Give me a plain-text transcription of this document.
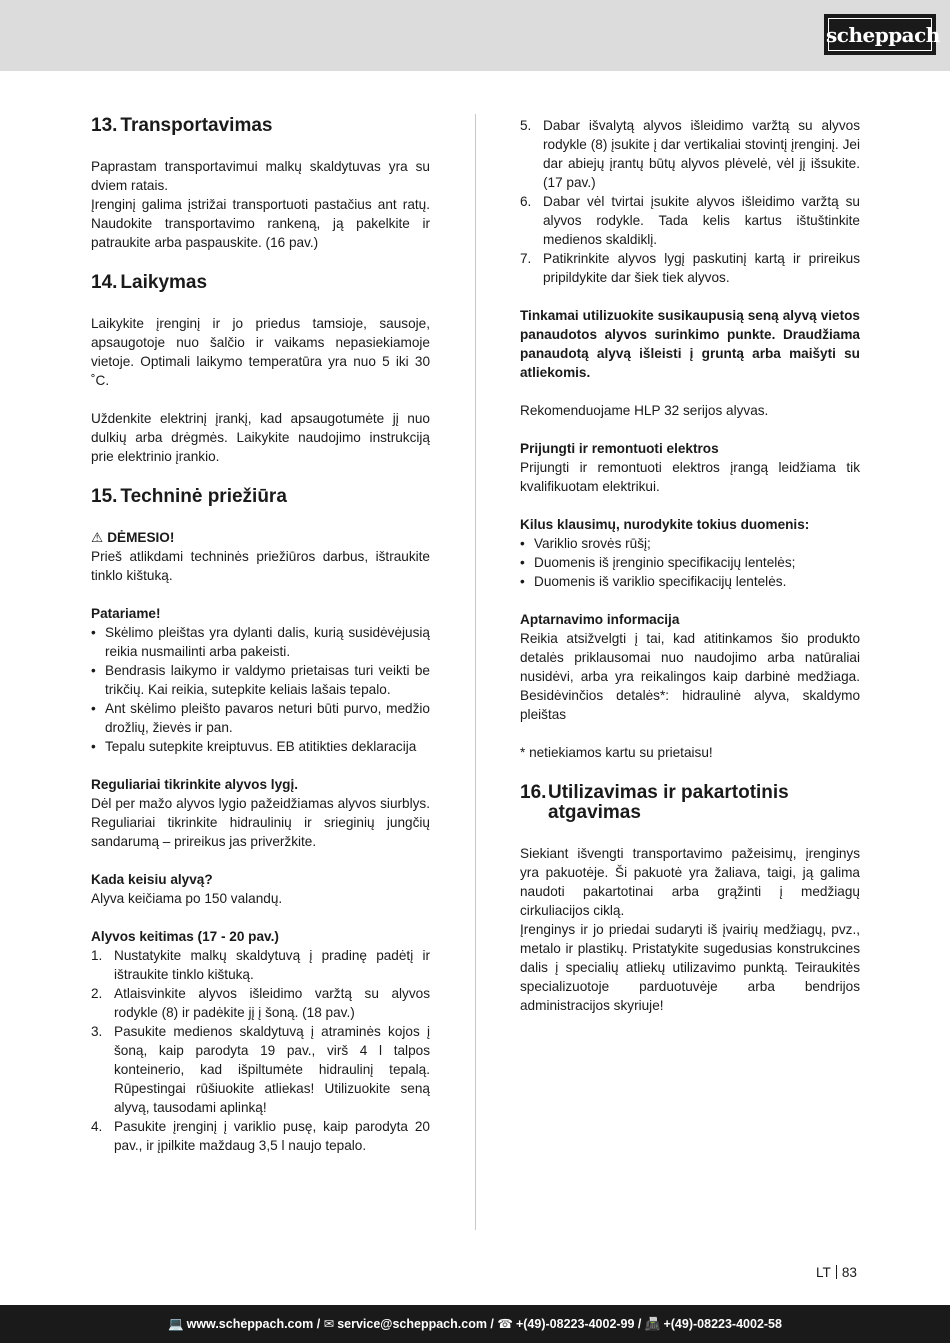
scheppach
13. Transportavimas

Paprastam transportavimui malkų skaldytuvas yra su dviem ratais.

Įrenginį galima įstrižai transportuoti pastačius ant ratų. Naudokite transportavimo rankeną, ją pakelkite ir patraukite arba paspauskite. (16 pav.)

14. Laikymas

Laikykite įrenginį ir jo priedus tamsioje, sausoje, apsaugotoje nuo šalčio ir vaikams nepasiekiamoje vietoje. Optimali laikymo temperatūra yra nuo 5 iki 30 ˚C.

Uždenkite elektrinį įrankį, kad apsaugotumėte jį nuo dulkių arba drėgmės. Laikykite naudojimo instrukciją prie elektrinio įrankio.

15. Techninė priežiūra

⚠ DĖMESIO!

Prieš atlikdami techninės priežiūros darbus, ištraukite tinklo kištuką.

Patariame!

• Skėlimo pleištas yra dylanti dalis, kurią susidėvėjusią reikia nusmailinti arba pakeisti.
• Bendrasis laikymo ir valdymo prietaisas turi veikti be trikčių. Kai reikia, sutepkite keliais lašais tepalo.
• Ant skėlimo pleišto pavaros neturi būti purvo, medžio drožlių, žievės ir pan.
• Tepalu sutepkite kreiptuvus. EB atitikties deklaracija

Reguliariai tikrinkite alyvos lygį.

Dėl per mažo alyvos lygio pažeidžiamas alyvos siurblys. Reguliariai tikrinkite hidraulinių ir srieginių jungčių sandarumą – prireikus jas priveržkite.

Kada keisiu alyvą?

Alyva keičiama po 150 valandų.

Alyvos keitimas (17 - 20 pav.)

1. Nustatykite malkų skaldytuvą į pradinę padėtį ir ištraukite tinklo kištuką.
2. Atlaisvinkite alyvos išleidimo varžtą su alyvos rodykle (8) ir padėkite jį į šoną. (18 pav.)
3. Pasukite medienos skaldytuvą į atraminės kojos į šoną, kaip parodyta 19 pav., virš 4 l talpos konteinerio, kad išpiltumėte hidraulinį tepalą. Rūpestingai rūšiuokite atliekas! Utilizuokite seną alyvą, tausodami aplinką!
4. Pasukite įrenginį į variklio pusę, kaip parodyta 20 pav., ir įpilkite maždaug 3,5 l naujo tepalo.
5. Dabar išvalytą alyvos išleidimo varžtą su alyvos rodykle (8) įsukite į dar vertikaliai stovintį įrenginį. Jei dar abiejų įrantų būtų alyvos plėvelė, vėl jį išsukite. (17 pav.)
6. Dabar vėl tvirtai įsukite alyvos išleidimo varžtą su alyvos rodykle. Tada kelis kartus ištuštinkite medienos skaldiklį.
7. Patikrinkite alyvos lygį paskutinį kartą ir prireikus pripildykite dar šiek tiek alyvos.

Tinkamai utilizuokite susikaupusią seną alyvą vietos panaudotos alyvos surinkimo punkte. Draudžiama panaudotą alyvą išleisti į gruntą arba maišyti su atliekomis.

Rekomenduojame HLP 32 serijos alyvas.

Prijungti ir remontuoti elektros

Prijungti ir remontuoti elektros įrangą leidžiama tik kvalifikuotam elektrikui.

Kilus klausimų, nurodykite tokius duomenis:

• Variklio srovės rūšį;
• Duomenis iš įrenginio specifikacijų lentelės;
• Duomenis iš variklio specifikacijų lentelės.

Aptarnavimo informacija

Reikia atsižvelgti į tai, kad atitinkamos šio produkto detalės priklausomai nuo naudojimo arba natūraliai nusidėvi, arba yra reikalingos kaip darbinė medžiaga. Besidėvinčios detalės*: hidraulinė alyva, skaldymo pleištas

* netiekiamos kartu su prietaisu!

16. Utilizavimas ir pakartotinis atgavimas

Siekiant išvengti transportavimo pažeisimų, įrenginys yra pakuotėje. Ši pakuotė yra žaliava, taigi, ją galima naudoti pakartotinai arba grąžinti į medžiagų cirkuliacijos ciklą.

Įrenginys ir jo priedai sudaryti iš įvairių medžiagų, pvz., metalo ir plastikų. Pristatykite sugedusias konstrukcines dalis į specialių atliekų utilizavimo punktą. Teiraukitės specializuotoje parduotuvėje arba bendrijos administracijos skyriuje!

LT 83
💻 www.scheppach.com / ✉ service@scheppach.com / ☎ +(49)-08223-4002-99 / 📠 +(49)-08223-4002-58
